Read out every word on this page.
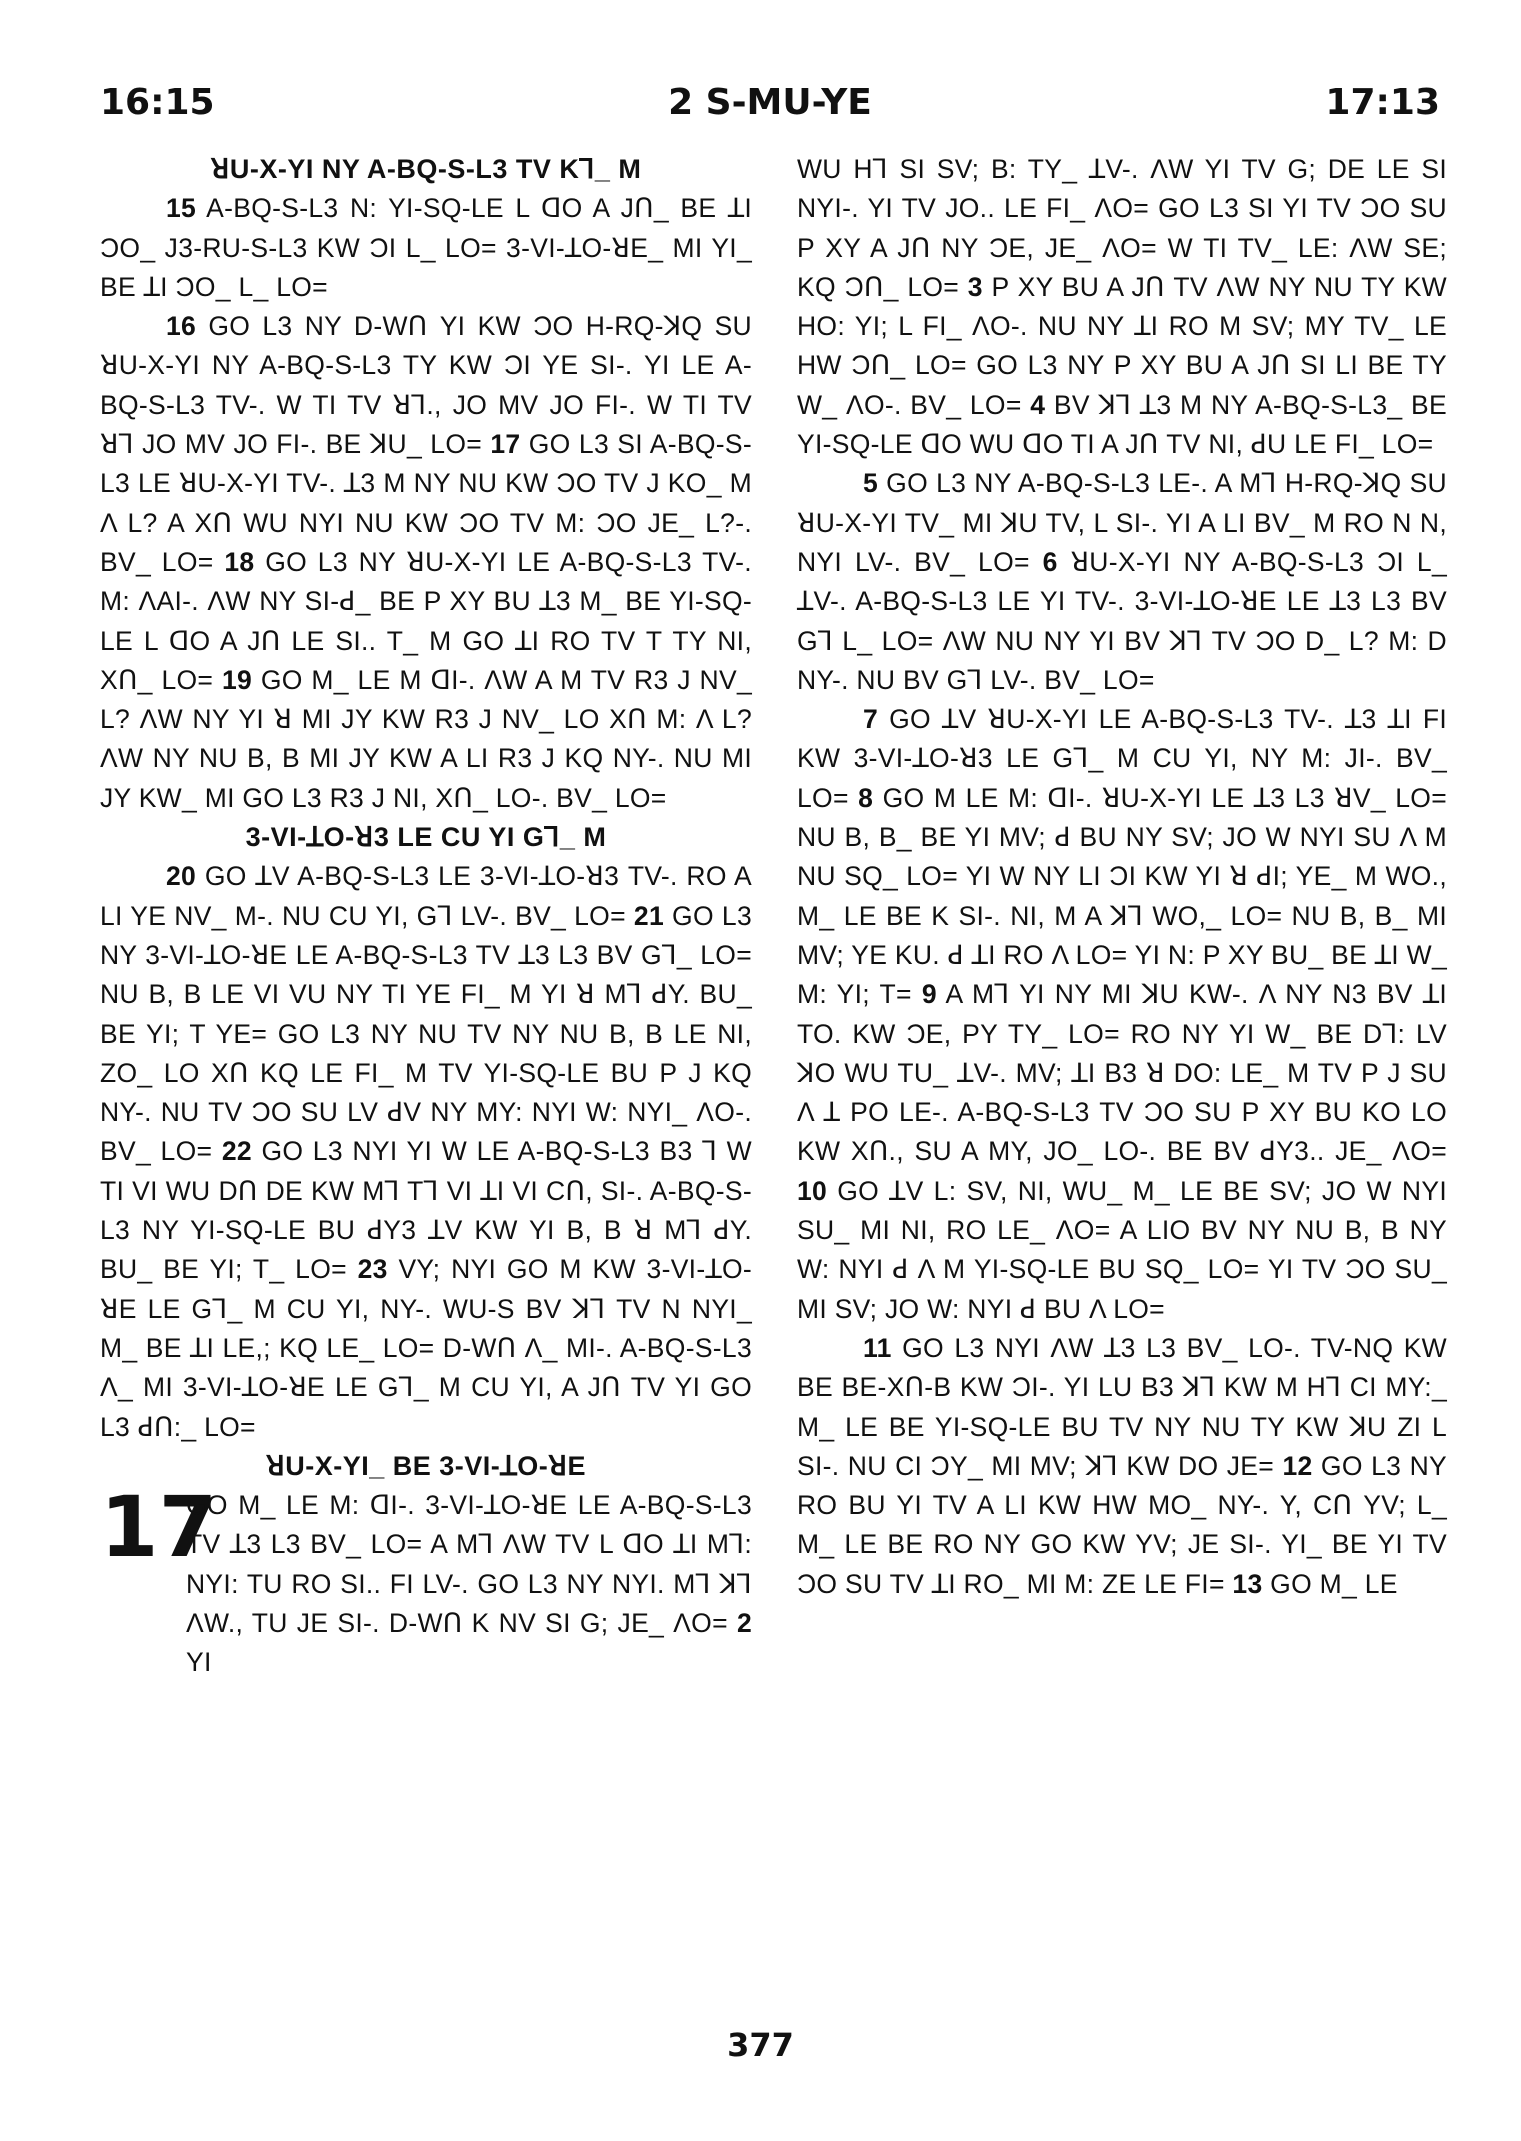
16:15	2 S-MU-YE	17:13
ꓤU-X-YI NY A-BQ-S-L3 TV K⅂_ M

15 A-BQ-S-L3 N: YI-SQ-LE L ꓷO A JՈ_ BE ꓕI ƆO_ J3-RU-S-L3 KW ƆI L_ LO= 3-VI-ꓕO-ꓤE_ MI YI_ BE ꓕI ƆO_ L_ LO=

16 GO L3 NY D-WՈ YI KW ƆO H-RQ-ꓘQ SU ꓤU-X-YI NY A-BQ-S-L3 TY KW ƆI YE SI-. YI LE A-BQ-S-L3 TV-. W TI TV ꓤ⅂., JO MV JO FI-. W TI TV ꓤ⅂ JO MV JO FI-. BE ꓘU_ LO= 17 GO L3 SI A-BQ-S-L3 LE ꓤU-X-YI TV-. ꓕ3 M NY NU KW ƆO TV J KO_ M Λ L? A XՈ WU NYI NU KW ƆO TV M: ƆO JE_ L?-. BV_ LO= 18 GO L3 NY ꓤU-X-YI LE A-BQ-S-L3 TV-. M: ΛAI-. ΛW NY SI-ꓒ_ BE P XY BU ꓕ3 M_ BE YI-SQ-LE L ꓷO A JՈ LE SI.. T_ M GO ꓕI RO TV T TY NI, XՈ_ LO= 19 GO M_ LE M ꓷI-. ΛW A M TV R3 J NV_ L? ΛW NY YI ꓤ MI JY KW R3 J NV_ LO XՈ M: Λ L? ΛW NY NU B, B MI JY KW A LI R3 J KQ NY-. NU MI JY KW_ MI GO L3 R3 J NI, XՈ_ LO-. BV_ LO=

3-VI-ꓕO-ꓤ3 LE CU YI G⅂_ M

20 GO ꓕV A-BQ-S-L3 LE 3-VI-ꓕO-ꓤ3 TV-. RO A LI YE NV_ M-. NU CU YI, G⅂ LV-. BV_ LO= 21 GO L3 NY 3-VI-ꓕO-ꓤE LE A-BQ-S-L3 TV ꓕ3 L3 BV G⅂_ LO= NU B, B LE VI VU NY TI YE FI_ M YI ꓤ M⅂ ꓒY. BU_ BE YI; T YE= GO L3 NY NU TV NY NU B, B LE NI, ZO_ LO XՈ KQ LE FI_ M TV YI-SQ-LE BU P J KQ NY-. NU TV ƆO SU LV ꓒV NY MY: NYI W: NYI_ ΛO-. BV_ LO= 22 GO L3 NYI YI W LE A-BQ-S-L3 B3 ⅂ W TI VI WU DՈ DE KW M⅂ T⅂ VI ꓕI VI CՈ, SI-. A-BQ-S-L3 NY YI-SQ-LE BU ꓒY3 ꓕV KW YI B, B ꓤ M⅂ ꓒY. BU_ BE YI; T_ LO= 23 VY; NYI GO M KW 3-VI-ꓕO-ꓤE LE G⅂_ M CU YI, NY-. WU-S BV ꓘ⅂ TV N NYI_ M_ BE ꓕI LE,; KQ LE_ LO= D-WՈ Λ_ MI-. A-BQ-S-L3 Λ_ MI 3-VI-ꓕO-ꓤE LE G⅂_ M CU YI, A JՈ TV YI GO L3 ꓒՈ:_ LO=

ꓤU-X-YI_ BE 3-VI-ꓕO-ꓤE
17
GO M_ LE M: ꓷI-. 3-VI-ꓕO-ꓤE LE A-BQ-S-L3 TV ꓕ3 L3 BV_ LO= A M⅂ ΛW TV L ꓷO ꓕI M⅂: NYI: TU RO SI.. FI LV-. GO L3 NY NYI. M⅂ ꓘ⅂ ΛW., TU JE SI-. D-WՈ K NV SI G; JE_ ΛO= 2 YI

WU H⅂ SI SV; B: TY_ ꓕV-. ΛW YI TV G; DE LE SI NYI-. YI TV JO.. LE FI_ ΛO= GO L3 SI YI TV ƆO SU P XY A JՈ NY ƆE, JE_ ΛO= W TI TV_ LE: ΛW SE; KQ ƆՈ_ LO= 3 P XY BU A JՈ TV ΛW NY NU TY KW HO: YI; L FI_ ΛO-. NU NY ꓕI RO M SV; MY TV_ LE HW ƆՈ_ LO= GO L3 NY P XY BU A JՈ SI LI BE TY W_ ΛO-. BV_ LO= 4 BV ꓘ⅂ ꓕ3 M NY A-BQ-S-L3_ BE YI-SQ-LE ꓷO WU ꓷO TI A JՈ TV NI, ꓒU LE FI_ LO=

5 GO L3 NY A-BQ-S-L3 LE-. A M⅂ H-RQ-ꓘQ SU ꓤU-X-YI TV_ MI ꓘU TV, L SI-. YI A LI BV_ M RO N N, NYI LV-. BV_ LO= 6 ꓤU-X-YI NY A-BQ-S-L3 ƆI L_ ꓕV-. A-BQ-S-L3 LE YI TV-. 3-VI-ꓕO-ꓤE LE ꓕ3 L3 BV G⅂ L_ LO= ΛW NU NY YI BV ꓘ⅂ TV ƆO D_ L? M: D NY-. NU BV G⅂ LV-. BV_ LO=

7 GO ꓕV ꓤU-X-YI LE A-BQ-S-L3 TV-. ꓕ3 ꓕI FI KW 3-VI-ꓕO-ꓤ3 LE G⅂_ M CU YI, NY M: JI-. BV_ LO= 8 GO M LE M: ꓷI-. ꓤU-X-YI LE ꓕ3 L3 ꓤV_ LO= NU B, B_ BE YI MV; ꓒ BU NY SV; JO W NYI SU Λ M NU SQ_ LO= YI W NY LI ƆI KW YI ꓤ ꓒI; YE_ M WO., M_ LE BE K SI-. NI, M A ꓘ⅂ WO,_ LO= NU B, B_ MI MV; YE KU. ꓒ ꓕI RO Λ LO= YI N: P XY BU_ BE ꓕI W_ M: YI; T= 9 A M⅂ YI NY MI ꓘU KW-. Λ NY N3 BV ꓕI TO. KW ƆE, PY TY_ LO= RO NY YI W_ BE D⅂: LV ꓘO WU TU_ ꓕV-. MV; ꓕI B3 ꓤ DO: LE_ M TV P J SU Λ ꓕ PO LE-. A-BQ-S-L3 TV ƆO SU P XY BU KO LO KW XՈ., SU A MY, JO_ LO-. BE BV ꓒY3.. JE_ ΛO= 10 GO ꓕV L: SV, NI, WU_ M_ LE BE SV; JO W NYI SU_ MI NI, RO LE_ ΛO= A LIO BV NY NU B, B NY W: NYI ꓒ Λ M YI-SQ-LE BU SQ_ LO= YI TV ƆO SU_ MI SV; JO W: NYI ꓒ BU Λ LO=

11 GO L3 NYI ΛW ꓕ3 L3 BV_ LO-. TV-NQ KW BE BE-XՈ-B KW ƆI-. YI LU B3 ꓘ⅂ KW M H⅂ CI MY:_ M_ LE BE YI-SQ-LE BU TV NY NU TY KW ꓘU ZI L SI-. NU CI ƆY_ MI MV; ꓘ⅂ KW DO JE= 12 GO L3 NY RO BU YI TV A LI KW HW MO_ NY-. Y, CՈ YV; L_ M_ LE BE RO NY GO KW YV; JE SI-. YI_ BE YI TV ƆO SU TV ꓕI RO_ MI M: ZE LE FI= 13 GO M_ LE

377
